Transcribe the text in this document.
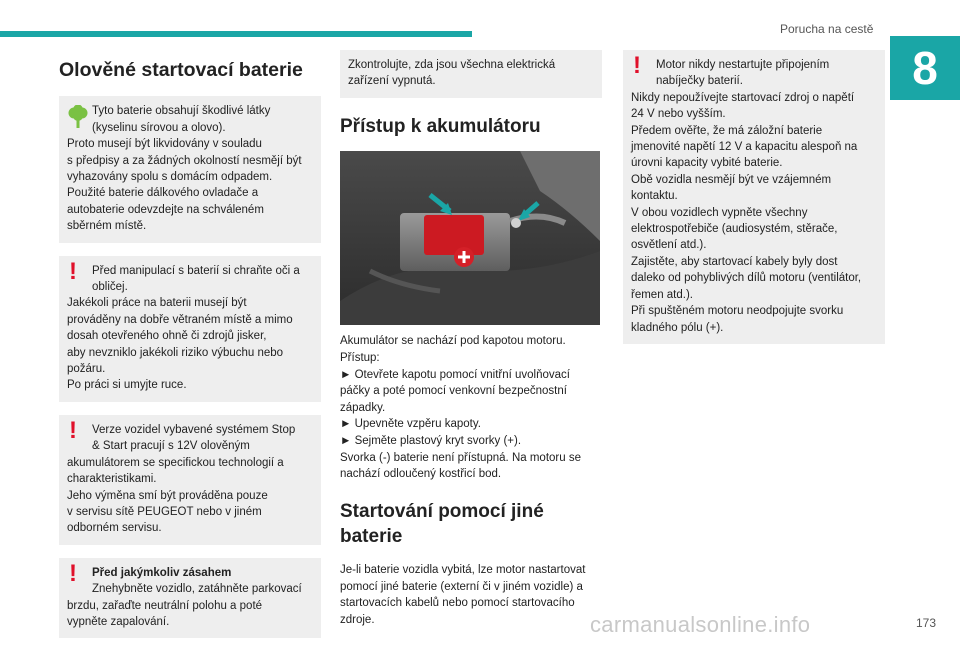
Porucha na cestě
8
Olověné startovací baterie

Tyto baterie obsahují škodlivé látky

(kyselinu sírovou a olovo).

Proto musejí být likvidovány v souladu

s předpisy a za žádných okolností nesmějí být

vyhazovány spolu s domácím odpadem.

Použité baterie dálkového ovladače a

autobaterie odevzdejte na schváleném

sběrném místě.

! Před manipulací s baterií si chraňte oči a

obličej.

Jakékoli práce na baterii musejí být

prováděny na dobře větraném místě a mimo

dosah otevřeného ohně či zdrojů jisker,

aby nevzniklo jakékoli riziko výbuchu nebo

požáru.

Po práci si umyjte ruce.

! Verze vozidel vybavené systémem Stop

& Start pracují s 12V olověným

akumulátorem se specifickou technologií a

charakteristikami.

Jeho výměna smí být prováděna pouze

v servisu sítě PEUGEOT nebo v jiném

odborném servisu.

! Před jakýmkoliv zásahem

Znehybněte vozidlo, zatáhněte parkovací

brzdu, zařaďte neutrální polohu a poté

vypněte zapalování.

Zkontrolujte, zda jsou všechna elektrická

zařízení vypnutá.

Přístup k akumulátoru

Akumulátor se nachází pod kapotou motoru.

Přístup:

► Otevřete kapotu pomocí vnitřní uvolňovací

páčky a poté pomocí venkovní bezpečnostní

západky.

► Upevněte vzpěru kapoty.

► Sejměte plastový kryt svorky (+).

Svorka (-) baterie není přístupná. Na motoru se

nachází odloučený kostřicí bod.

Startování pomocí jiné
baterie

Je-li baterie vozidla vybitá, lze motor nastartovat

pomocí jiné baterie (externí či v jiném vozidle) a

startovacích kabelů nebo pomocí startovacího

zdroje.

! Motor nikdy nestartujte připojením

nabíječky baterií.

Nikdy nepoužívejte startovací zdroj o napětí

24 V nebo vyšším.

Předem ověřte, že má záložní baterie

jmenovité napětí 12 V a kapacitu alespoň na

úrovni kapacity vybité baterie.

Obě vozidla nesmějí být ve vzájemném

kontaktu.

V obou vozidlech vypněte všechny

elektrospotřebiče (audiosystém, stěrače,

osvětlení atd.).

Zajistěte, aby startovací kabely byly dost

daleko od pohyblivých dílů motoru (ventilátor,

řemen atd.).

Při spuštěném motoru neodpojujte svorku

kladného pólu (+).

carmanualsonline.info	173
